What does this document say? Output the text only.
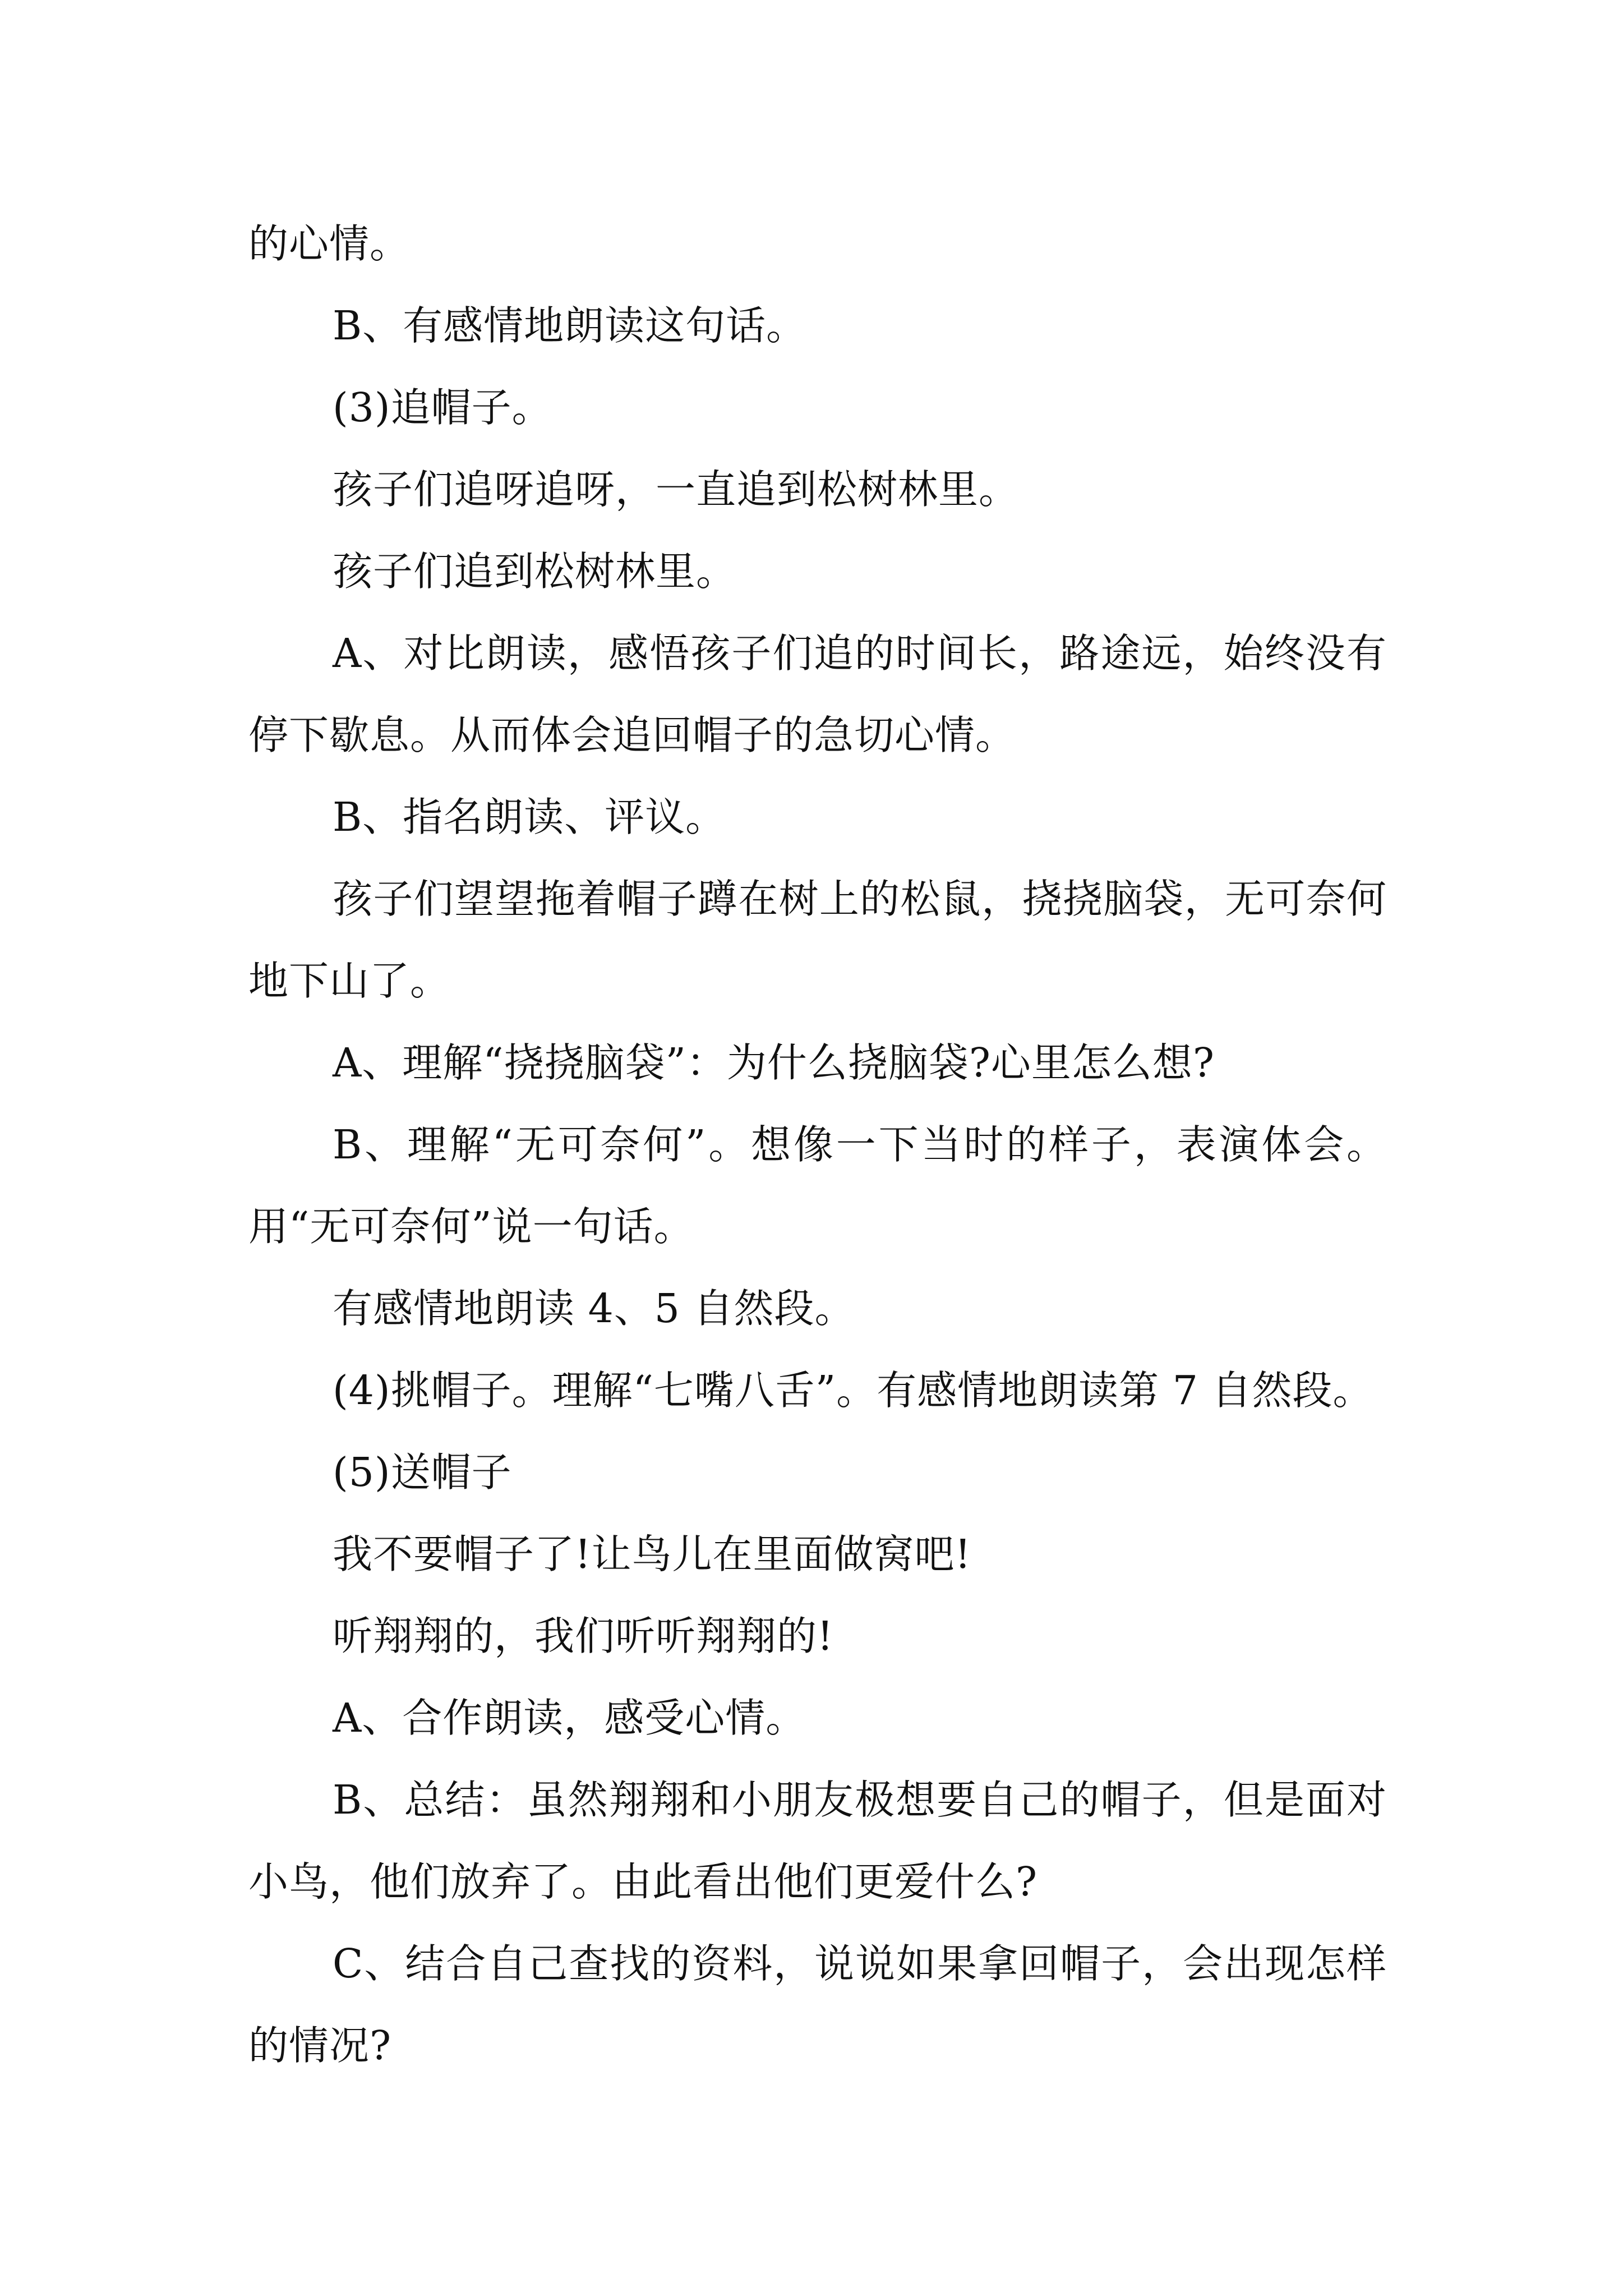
的心情。

B、有感情地朗读这句话。

(3)追帽子。

孩子们追呀追呀，一直追到松树林里。

孩子们追到松树林里。

A、对比朗读，感悟孩子们追的时间长，路途远，始终没有停下歇息。从而体会追回帽子的急切心情。

B、指名朗读、评议。

孩子们望望拖着帽子蹲在树上的松鼠，挠挠脑袋，无可奈何地下山了。

A、理解“挠挠脑袋”：为什么挠脑袋?心里怎么想?

B、理解“无可奈何”。想像一下当时的样子，表演体会。用“无可奈何”说一句话。

有感情地朗读 4、5 自然段。

(4)挑帽子。理解“七嘴八舌”。有感情地朗读第 7 自然段。

(5)送帽子

我不要帽子了!让鸟儿在里面做窝吧!

听翔翔的，我们听听翔翔的!

A、合作朗读，感受心情。

B、总结：虽然翔翔和小朋友极想要自己的帽子，但是面对小鸟，他们放弃了。由此看出他们更爱什么?

C、结合自己查找的资料，说说如果拿回帽子，会出现怎样的情况?
